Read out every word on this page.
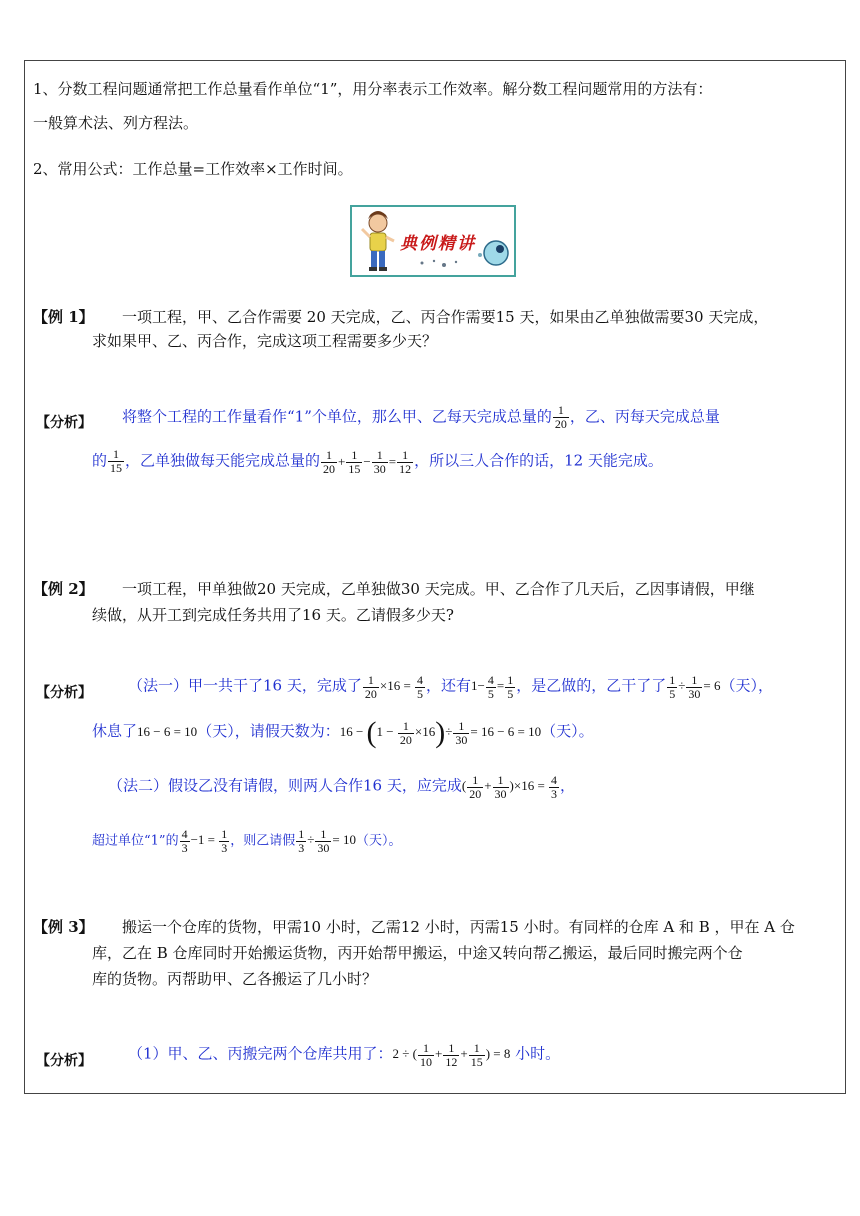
1、分数工程问题通常把工作总量看作单位“1”，用分率表示工作效率。解分数工程问题常用的方法有：
一般算术法、列方程法。
2、常用公式：工作总量=工作效率×工作时间。
典例精讲
【例 1】 一项工程，甲、乙合作需要 20 天完成，乙、丙合作需要15 天，如果由乙单独做需要30 天完成，
求如果甲、乙、丙合作，完成这项工程需要多少天？
【分析】 将整个工程的工作量看作“1”个单位，那么甲、乙每天完成总量的 $\frac{1}{20}$ ，乙、丙每天完成总量
的 $\frac{1}{15}$ ，乙单独做每天能完成总量的 $\frac{1}{20} + \frac{1}{15} - \frac{1}{30} = \frac{1}{12}$ ，所以三人合作的话，12 天能完成。
【例 2】 一项工程，甲单独做20 天完成，乙单独做30 天完成。甲、乙合作了几天后，乙因事请假，甲继
续做，从开工到完成任务共用了16 天。乙请假多少天?
【分析】 （法一）甲一共干了16 天，完成了 $\frac{1}{20} \times 16 = \frac{4}{5}$ ，还有$1- \frac{4}{5} = \frac{1}{5}$ ，是乙做的，乙干了了 $\frac{1}{5} \div \frac{1}{30} = 6$（天），
休息了16 − 6 = 10（天），请假天数为：$16 - (1 - \frac{1}{20} \times 16)\div \frac{1}{30} = 16 - 6 = 10$（天）。
（法二）假设乙没有请假，则两人合作16 天，应完成( $\frac{1}{20} + \frac{1}{30} )\times 16 = \frac{4}{3}$ ，
超过单位“1”的 $\frac{4}{3} -1 = \frac{1}{3}$ ，则乙请假 $\frac{1}{3} \div \frac{1}{30} = 10$（天）。
【例 3】 搬运一个仓库的货物，甲需10 小时，乙需12 小时，丙需15 小时。有同样的仓库 A 和 B ，甲在 A 仓
库，乙在 B 仓库同时开始搬运货物，丙开始帮甲搬运，中途又转向帮乙搬运，最后同时搬完两个仓
库的货物。丙帮助甲、乙各搬运了几小时？
【分析】 （1）甲、乙、丙搬完两个仓库共用了：2 ÷ ( $\frac{1}{10} + \frac{1}{12} + \frac{1}{15}$ ) = 8 小时。
